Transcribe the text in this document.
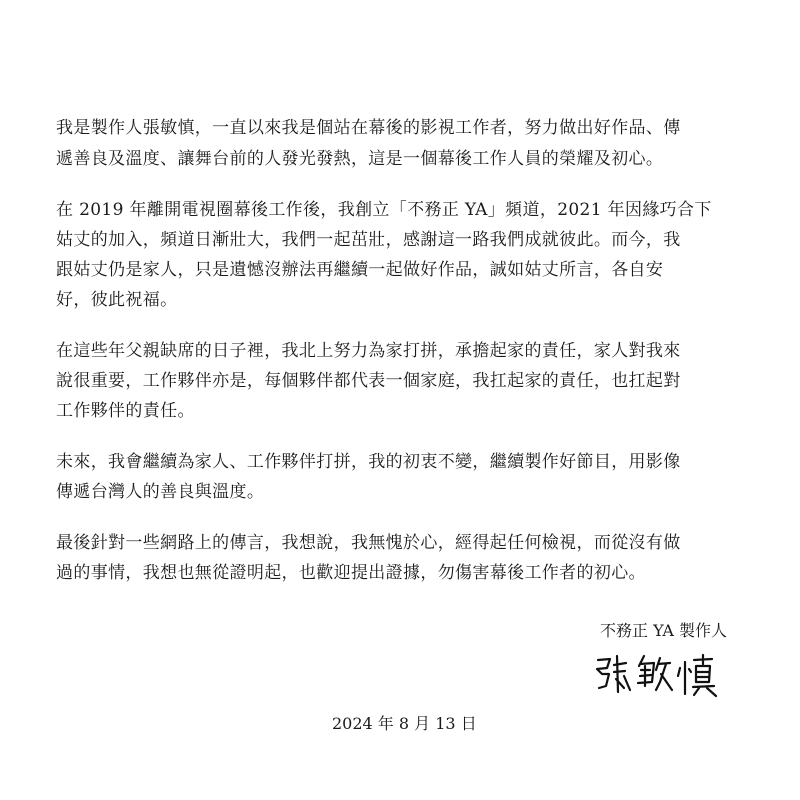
我是製作人張敏慎，一直以來我是個站在幕後的影視工作者，努力做出好作品、傳
遞善良及溫度、讓舞台前的人發光發熱，這是一個幕後工作人員的榮耀及初心。
在 2019 年離開電視圈幕後工作後，我創立「不務正 YA」頻道，2021 年因緣巧合下
姑丈的加入，頻道日漸壯大，我們一起茁壯，感謝這一路我們成就彼此。而今，我
跟姑丈仍是家人，只是遺憾沒辦法再繼續一起做好作品，誠如姑丈所言，各自安
好，彼此祝福。
在這些年父親缺席的日子裡，我北上努力為家打拼，承擔起家的責任，家人對我來
說很重要，工作夥伴亦是，每個夥伴都代表一個家庭，我扛起家的責任，也扛起對
工作夥伴的責任。
未來，我會繼續為家人、工作夥伴打拼，我的初衷不變，繼續製作好節目，用影像
傳遞台灣人的善良與溫度。
最後針對一些網路上的傳言，我想說，我無愧於心，經得起任何檢視，而從沒有做
過的事情，我想也無從證明起，也歡迎提出證據，勿傷害幕後工作者的初心。
不務正 YA 製作人
2024 年 8 月 13 日
